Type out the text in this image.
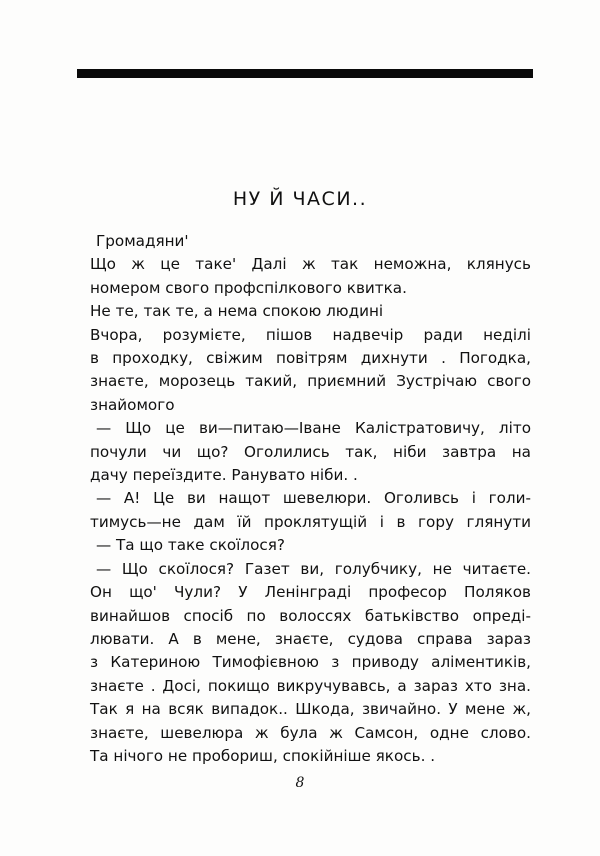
НУ Й ЧАСИ..
Громадяни'
Що ж це таке' Далі ж так неможна, клянусь
номером свого профспілкового квитка.
Не те, так те, а нема спокою людині
Вчора, розумієте, пішов надвечір ради неділі
в проходку, свіжим повітрям дихнути . Погодка,
знаєте, морозець такий, приємний Зустрічаю свого
знайомого
— Що це ви—питаю—Іване Калістратовичу, літо
почули чи що? Оголились так, ніби завтра на
дачу переїздите. Ранувато ніби. .
— А! Це ви нащот шевелюри. Оголивсь і голи-
тимусь—не дам їй проклятущій і в гору глянути
— Та що таке скоїлося?
— Що скоїлося? Газет ви, голубчику, не читаєте.
Он що' Чули? У Ленінграді професор Поляков
винайшов спосіб по волоссях батьківство опреді-
лювати. А в мене, знаєте, судова справа зараз
з Катериною Тимофієвною з приводу аліментиків,
знаєте . Досі, покищо викручувавсь, а зараз хто зна.
Так я на всяк випадок.. Шкода, звичайно. У мене ж,
знаєте, шевелюра ж була ж Самсон, одне слово.
Та нічого не пробориш, спокійніше якось. .
8
